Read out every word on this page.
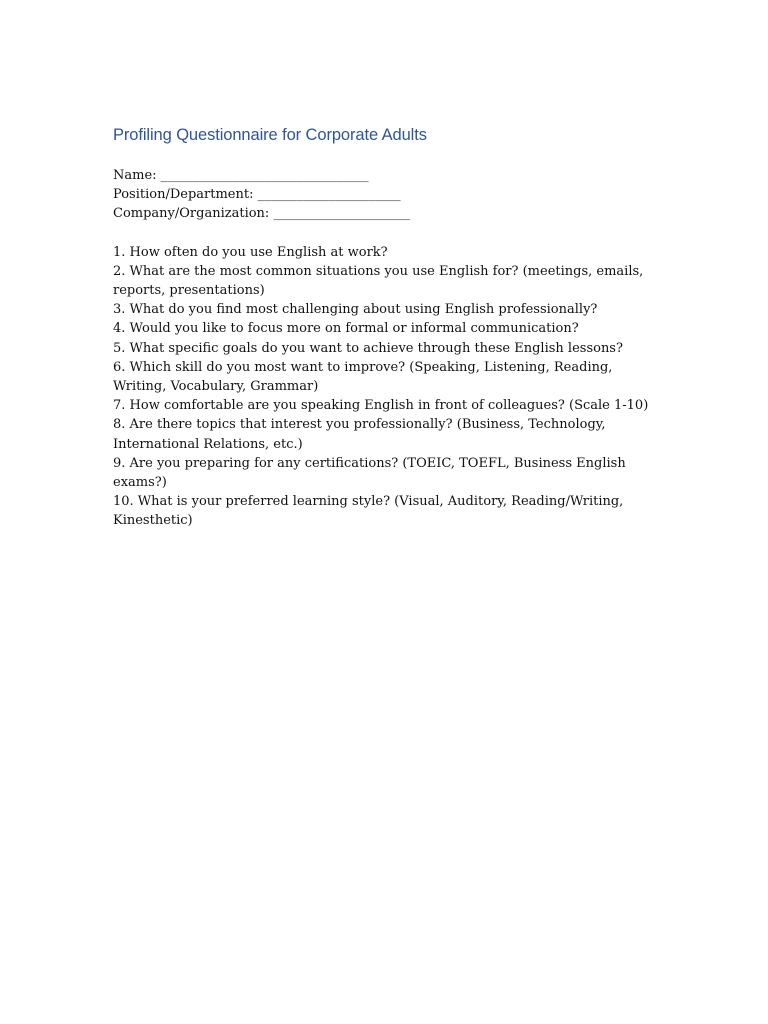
Profiling Questionnaire for Corporate Adults
Name: ________________________________
Position/Department: ______________________
Company/Organization: _____________________
1. How often do you use English at work?
2. What are the most common situations you use English for? (meetings, emails, reports, presentations)
3. What do you find most challenging about using English professionally?
4. Would you like to focus more on formal or informal communication?
5. What specific goals do you want to achieve through these English lessons?
6. Which skill do you most want to improve? (Speaking, Listening, Reading, Writing, Vocabulary, Grammar)
7. How comfortable are you speaking English in front of colleagues? (Scale 1-10)
8. Are there topics that interest you professionally? (Business, Technology, International Relations, etc.)
9. Are you preparing for any certifications? (TOEIC, TOEFL, Business English exams?)
10. What is your preferred learning style? (Visual, Auditory, Reading/Writing, Kinesthetic)
